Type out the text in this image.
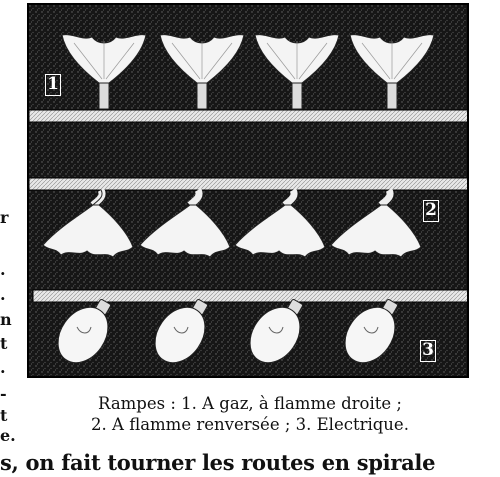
r
.
.
n
t
.
-
t
e.
1
2
3
Rampes : 1. A gaz, à flamme droite ;
2. A flamme renversée ; 3. Electrique.
s, on fait tourner les routes en spirale
